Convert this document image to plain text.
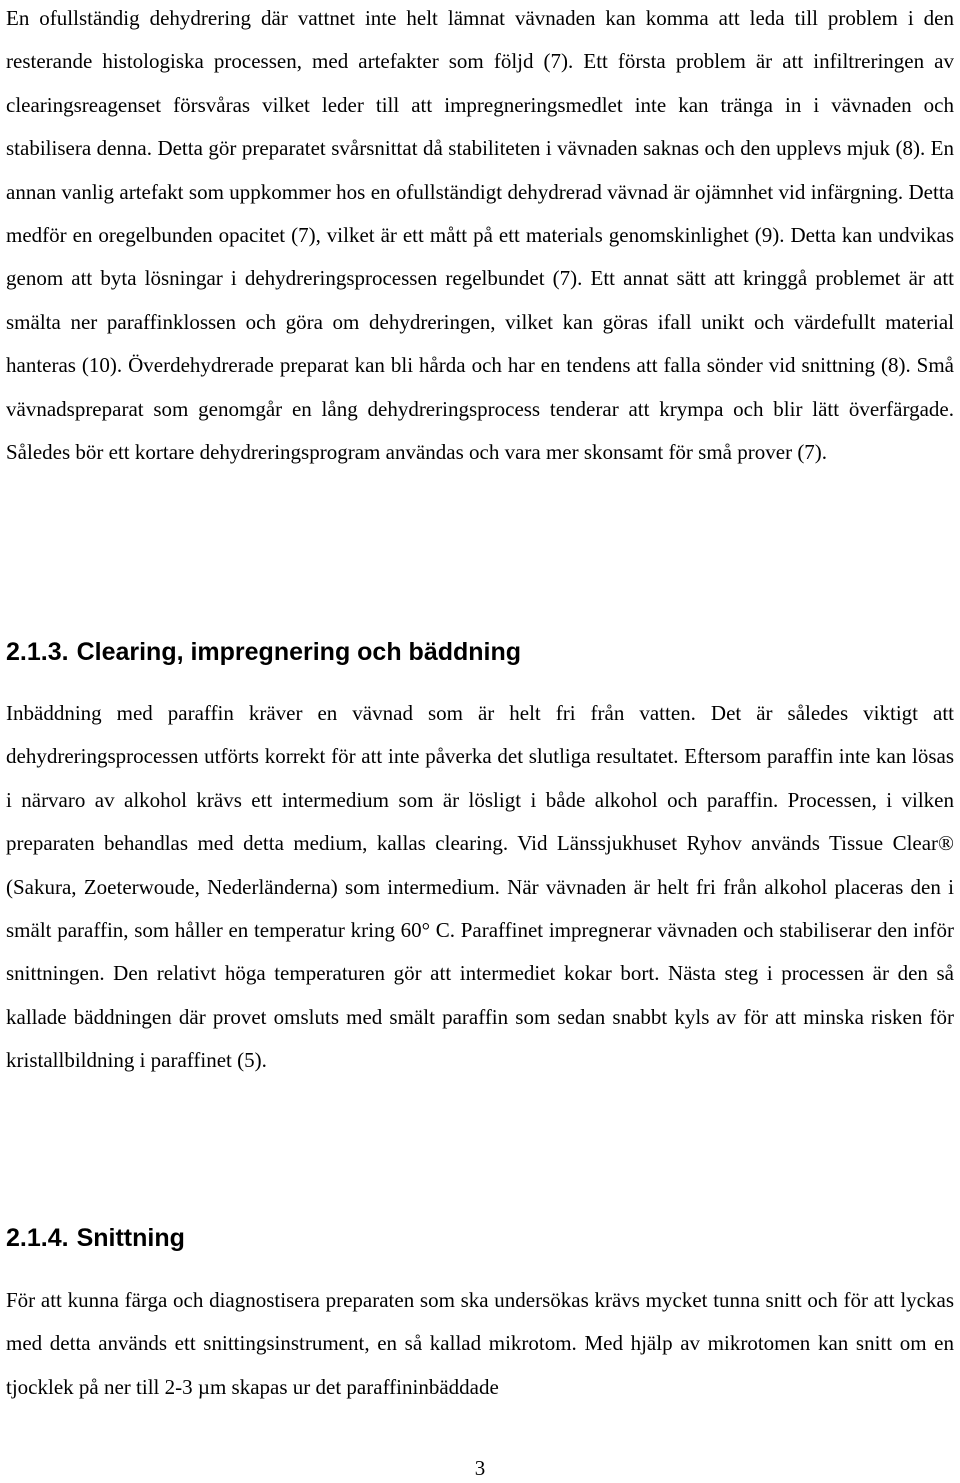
En ofullständig dehydrering där vattnet inte helt lämnat vävnaden kan komma att leda till problem i den resterande histologiska processen, med artefakter som följd (7). Ett första problem är att infiltreringen av clearingsreagenset försvåras vilket leder till att impregneringsmedlet inte kan tränga in i vävnaden och stabilisera denna. Detta gör preparatet svårsnittat då stabiliteten i vävnaden saknas och den upplevs mjuk (8). En annan vanlig artefakt som uppkommer hos en ofullständigt dehydrerad vävnad är ojämnhet vid infärgning. Detta medför en oregelbunden opacitet (7), vilket är ett mått på ett materials genomskinlighet (9). Detta kan undvikas genom att byta lösningar i dehydreringsprocessen regelbundet (7). Ett annat sätt att kringgå problemet är att smälta ner paraffinklossen och göra om dehydreringen, vilket kan göras ifall unikt och värdefullt material hanteras (10). Överdehydrerade preparat kan bli hårda och har en tendens att falla sönder vid snittning (8). Små vävnadspreparat som genomgår en lång dehydreringsprocess tenderar att krympa och blir lätt överfärgade. Således bör ett kortare dehydreringsprogram användas och vara mer skonsamt för små prover (7).

2.1.3. Clearing, impregnering och bäddning

Inbäddning med paraffin kräver en vävnad som är helt fri från vatten. Det är således viktigt att dehydreringsprocessen utförts korrekt för att inte påverka det slutliga resultatet. Eftersom paraffin inte kan lösas i närvaro av alkohol krävs ett intermedium som är lösligt i både alkohol och paraffin. Processen, i vilken preparaten behandlas med detta medium, kallas clearing. Vid Länssjukhuset Ryhov används Tissue Clear® (Sakura, Zoeterwoude, Nederländerna) som intermedium. När vävnaden är helt fri från alkohol placeras den i smält paraffin, som håller en temperatur kring 60° C. Paraffinet impregnerar vävnaden och stabiliserar den inför snittningen. Den relativt höga temperaturen gör att intermediet kokar bort. Nästa steg i processen är den så kallade bäddningen där provet omsluts med smält paraffin som sedan snabbt kyls av för att minska risken för kristallbildning i paraffinet (5).

2.1.4. Snittning

För att kunna färga och diagnostisera preparaten som ska undersökas krävs mycket tunna snitt och för att lyckas med detta används ett snittingsinstrument, en så kallad mikrotom. Med hjälp av mikrotomen kan snitt om en tjocklek på ner till 2-3 µm skapas ur det paraffininbäddade

3
